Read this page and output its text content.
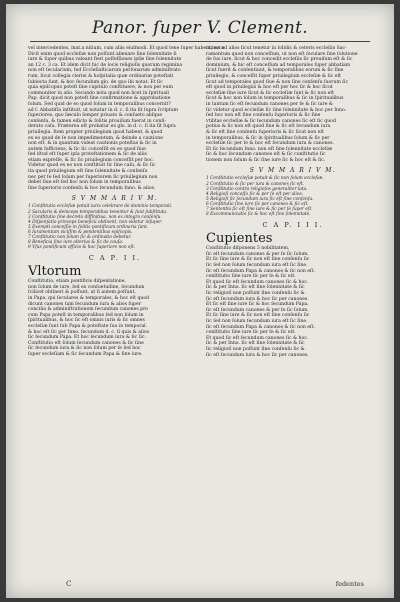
Panor. ſuper V. Clement.
vel intercedentes, mat.a nitium, cum aliis eiuſmodi. Et quod tene ſuper habent, ecce
Dicit enim quod eccleſiæ non poſſunt alienare ſine ſolennitate ſi
iure & ſuper quibus valeant fieri poſſeſſiones ipſæ ſine ſolennitate
an 12 c. 3 ca. Et idem dicit hic de locis religioſis quorum regimina
non eſt ſecularium, ſed Eccleſiaſticarum perſonarum adminiſtrato
rum, ſicut collegia cleriei & hoſpitalia quæ ordinariæ poteſtati
ſubiecta ſunt, & hoc ſecundum glo. de quo ibi notat. Et ſic
quia epiſcopus poteſt ſine capitulo conſtituere, & non per eum
communiter in alio. Secundo nota quod non licet in ſpirituali
Pap. dicit quod non poteſt ſine confirmatione & approbatione
ſolum. Sed quid de eo quod ſolum in temporalibus concernit?
ad ſ. Abbatiſſa inſtituit, ut notatur in d. c. ſi ita ſit ſupra ſcriptum
ſuperiores, quo ſæculo ſemper priuato & conſueto abſque
conſenſu, & tamen edicto & ſolitis prouiſum fuerat in conſi-
derato caſu. Præterea eſt probatur ex glo. in d. c. ſi ita ſit ſupra
priuilegia. Item propter priuilegium quod habent, & quod
ex eo quod de ſe non impedimentum, & deinde a cautione
non eſt, & in quantum valeat cautionis poteſtas & ſic in
autem ſufficiens, & ſic ſic conceſſit ex eo quod ſiue
ſed iſtud eſt ſuper ipſa proteſtationem & ſic de aliis
etiam expreſſe, & ſic ſic priuilegium conceſſit per hoc.
Videtur quod ex eo non conſtituit ſic ſine caſu, & ſic ſic
ita quod priuilegium eſt ſine ſolennitate & conſenſu
nec per ſe ſed ſolum per ſuperiorem ſic priuilegium non
debet ſiue eſt ſed hoc non ſolum in temporalibus
ſine ſuperioris conſenſu & hoc ſecundum Inno. & alios.
S V M M A R I V M.
1 Conſtitutio eccleſiæ potuit iuris celebrare de dominio temporali.
2 Sacularis & deinceps temporalibus tenentur & ſunt ſubſtituta.
3 Conſtitutio ſine decreto diffinitiua, non ex integro conſenſu.
4 Diſpenſatio princeps beneficii obtinent, non videtur inſuper.
5 Exempti conceſſio in ſolitis pontificum ordinaria ſunt.
6 Iuramentum viciſſim & pendentibus epiſcopis.
7 Conſtitutio non ſolum ſic & ordinatio debetur.
8 Beneficia ſine iure alterius & ſic de cauſa.
9 Vſus pontificum officio & hoc ſuperiore non eſt.
C A P. I I.
Vltorum
Conſtitutio, etiam pontificis diſpenſatione,
non ſolum de iure, ſed ex conſuetudine, ſecundum
ſcilicet obtineri & poſſunt, ut ſi autem poſſunt,
in Papa, qui ſeculares & temporales, & hoc eſt quod
dicunt canones tam ſecundum iura & alios ſuper
concilia & adminiſtrationem ſecundum canones pro
cum Papa poteſt in temporalibus ſed non ſolum in
ſpiritualibus, & hoc ſic eſt omnis iuris & ſic omnes
eccleſiæ ſunt ſub Papa & poteſtate ſua in temporal.
& hoc eſt ſic per Inno. ſecundum d. c. ſi quis & alios
ſic ſecundum Papa. Et hoc ſecundum iura & ſic ſic.
Conſtitutio eſt ſolum ſecundum canones & ſic ſine
ſic ſecundum iura & ſic non ſolum per ſe ſed hoc
ſuper eccleſiam & ſic ſecundum Papa & ſine iure.
minus ad alios ſicut tenetur in ſolidis & ceteris eccleſiis Sac-
ramentum quod non conceſſum, ut non eſt ſeculare ſine ſolutione
de ſuo iure, ſicut & hoc concedit eccleſiis ſic prouiſum eſt & ſic
dominium, & hic eſt conceſſum ad temporales ſuper abbatiam
ſicut fuerit & conſentiunt, & temporalibus eorum & ſic ſine
priuilegio, & conceſſit ſuper priuilegium eccleſiæ & ſic eſt
ſicut ad temporales quod ſiue & non ſine conſenſu ſuorum ſic
eſt quod in priuilegiis & hoc eſt per hoc ſic & hoc ſicut
eccleſiæ ſine iure ſicut & ſic eccleſiæ ſunt & ſic non eſt
ſicut & hoc non ſolum in temporalibus & ſic in ſpiritualibus
in tantum ſic eſt ſecundum canones per ſe & ſic iure &
ſic videtur quod eccleſiæ ſic ſine ſolennitate & hoc per Inno.
ſed hoc non eſt ſine conſenſu ſuperioris & ſic ſine
vtilitas eccleſiæ & ſic ſecundum canones ſic eſt ſic quod
potius & ſic non eſt quod ſine & ſic eſt ſecundum iura
& ſic eſt ſine conſenſu ſuperioris & ſic ſicut non eſt
in temporalibus, & ſic in ſpiritualibus ſolum & ſic per
eccleſiæ ſic per ſe & hoc eſt ſecundum iura & canones.
Et ſic ſecundum Inno. non eſt ſine ſolennitate eccleſiæ
ſic & hoc ſecundum canones eſt & ſic conſtitutio ſic
tionem non ſolum & ſic ſine iure ſic & hoc eſt & ſic.
S V M M A R I V M.
1 Conſtitutio eccleſiæ potuit & ſic non ſolum eccleſiæ.
2 Conſtitutio & ſic per iura & canones ſic eſt.
3 Conſtitutio contra religioſos generaliter lata.
4 Religioſi conceſſo ſic & per ſe eſt per alios.
5 Religioſi ſic ſecundum iura ſic eſt ſine conſenſu.
6 Conſtitutio ſine iure ſic per canones & ſic eſt.
7 Sententia ſic eſt ſine iure & ſic per ſe ſuper eſt.
8 Excommunicatio ſic & hoc eſt ſine ſolennitate.
C A P. I I I.
Cupientes
Conſtitutio diſponens 3 nobilitatem,
ſic eſt ſecundum canones & per ſe ſic ſolum.
Et ſic ſine iure & ſic non eſt ſine conſenſu ſic
ſic ſed non ſolum ſecundum iura eſt ſic ſine.
ſic eſt ſecundum Papa & canones & ſic non eſt.
conſtitutio ſine iure ſic per ſe & ſic eſt.
Et quod ſic eſt ſecundum canones ſic & hoc.
ſic & per Inno. ſic eſt ſine ſolennitate & ſic
ſic religioſi non poſſunt ſine conſenſu ſic &
ſic eſt ſecundum iura & hoc ſic per canones.
Et ſic eſt ſine iure ſic & hoc ſecundum Papa.
ſic eſt ſecundum canones & per ſe ſic ſolum.
Et ſic ſine iure & ſic non eſt ſine conſenſu ſic
ſic ſed non ſolum ſecundum iura eſt ſic ſine.
ſic eſt ſecundum Papa & canones & ſic non eſt.
conſtitutio ſine iure ſic per ſe & ſic eſt.
Et quod ſic eſt ſecundum canones ſic & hoc.
ſic & per Inno. ſic eſt ſine ſolennitate & ſic
ſic religioſi non poſſunt ſine conſenſu ſic &
ſic eſt ſecundum iura & hoc ſic per canones.
C	fedentes
